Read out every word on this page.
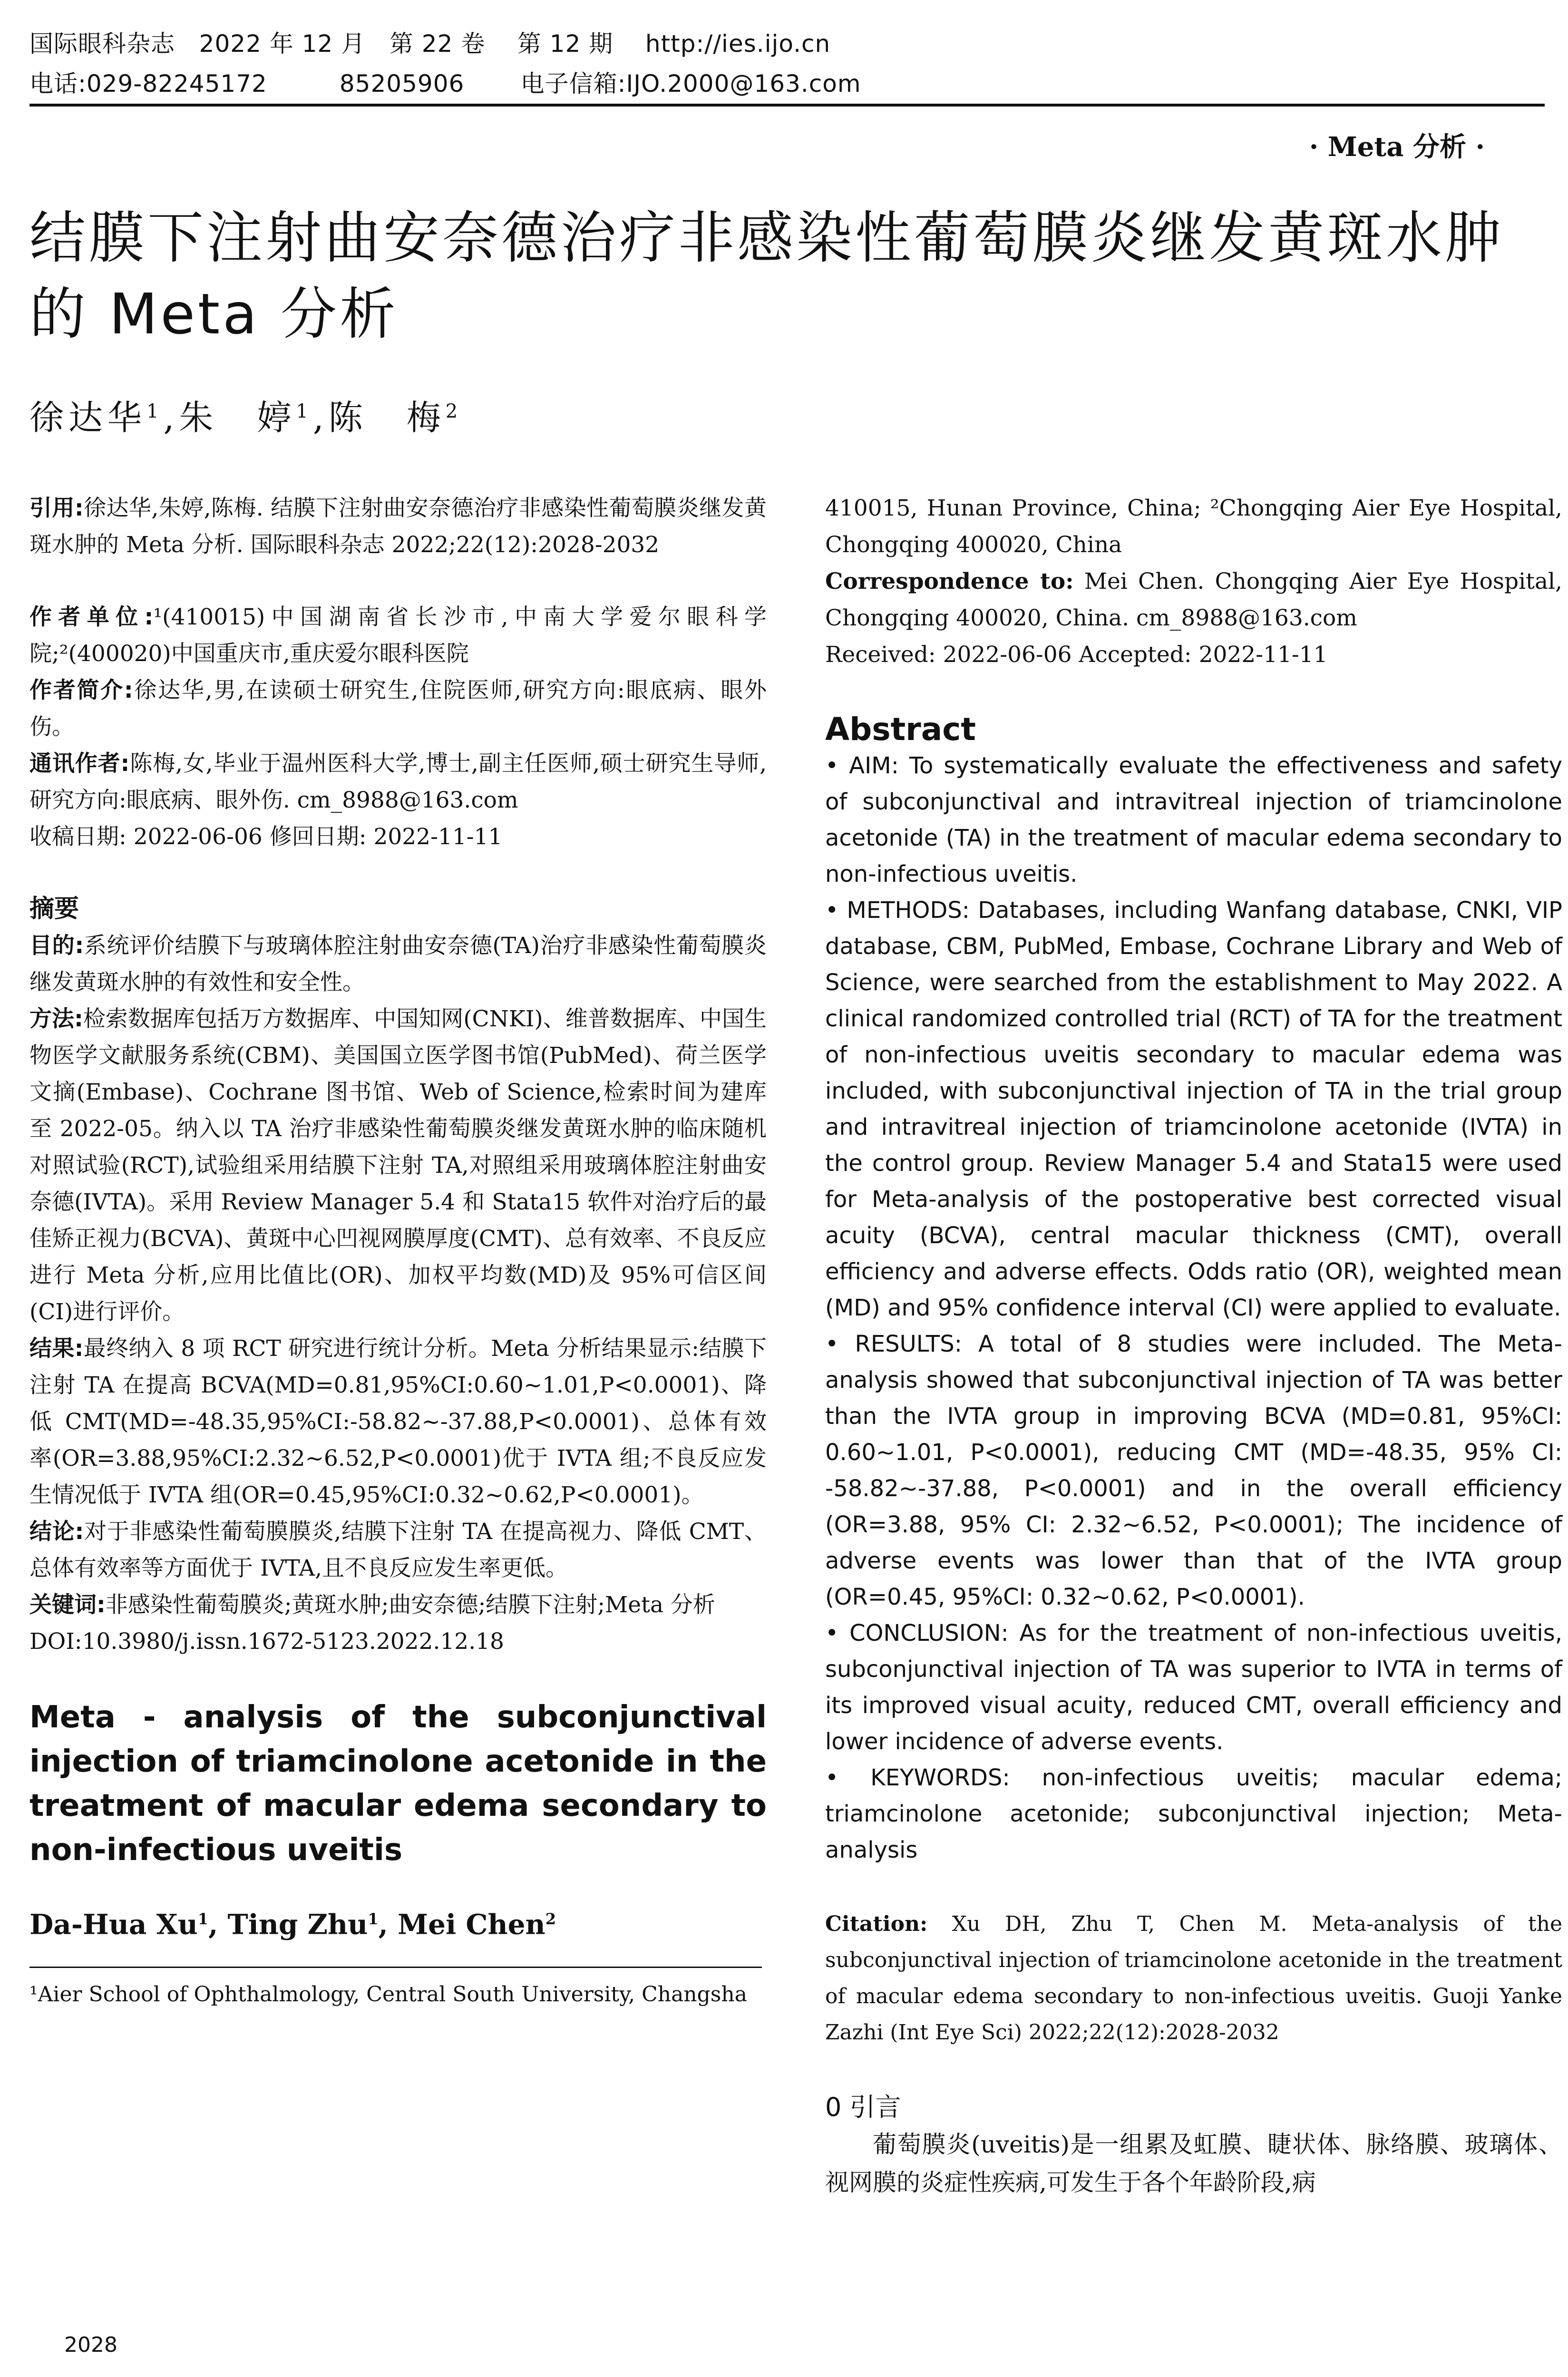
国际眼科杂志   2022 年 12 月   第 22 卷    第 12 期    http://ies.ijo.cn
电话:029-82245172         85205906       电子信箱:IJO.2000@163.com
· Meta 分析 ·
结膜下注射曲安奈德治疗非感染性葡萄膜炎继发黄斑水肿的 Meta 分析
徐达华$^1$,朱　婷$^1$,陈　梅$^2$

引用:徐达华,朱婷,陈梅. 结膜下注射曲安奈德治疗非感染性葡萄膜炎继发黄斑水肿的 Meta 分析. 国际眼科杂志 2022;22(12):2028-2032

作者单位:¹(410015)中国湖南省长沙市,中南大学爱尔眼科学院;²(400020)中国重庆市,重庆爱尔眼科医院

作者简介:徐达华,男,在读硕士研究生,住院医师,研究方向:眼底病、眼外伤。

通讯作者:陈梅,女,毕业于温州医科大学,博士,副主任医师,硕士研究生导师,研究方向:眼底病、眼外伤. cm_8988@163.com

收稿日期: 2022-06-06 修回日期: 2022-11-11

摘要

目的:系统评价结膜下与玻璃体腔注射曲安奈德(TA)治疗非感染性葡萄膜炎继发黄斑水肿的有效性和安全性。

方法:检索数据库包括万方数据库、中国知网(CNKI)、维普数据库、中国生物医学文献服务系统(CBM)、美国国立医学图书馆(PubMed)、荷兰医学文摘(Embase)、Cochrane 图书馆、Web of Science,检索时间为建库至 2022-05。纳入以 TA 治疗非感染性葡萄膜炎继发黄斑水肿的临床随机对照试验(RCT),试验组采用结膜下注射 TA,对照组采用玻璃体腔注射曲安奈德(IVTA)。采用 Review Manager 5.4 和 Stata15 软件对治疗后的最佳矫正视力(BCVA)、黄斑中心凹视网膜厚度(CMT)、总有效率、不良反应进行 Meta 分析,应用比值比(OR)、加权平均数(MD)及 95%可信区间(CI)进行评价。

结果:最终纳入 8 项 RCT 研究进行统计分析。Meta 分析结果显示:结膜下注射 TA 在提高 BCVA(MD=0.81,95%CI:0.60~1.01,P<0.0001)、降低 CMT(MD=-48.35,95%CI:-58.82~-37.88,P<0.0001)、总体有效率(OR=3.88,95%CI:2.32~6.52,P<0.0001)优于 IVTA 组;不良反应发生情况低于 IVTA 组(OR=0.45,95%CI:0.32~0.62,P<0.0001)。

结论:对于非感染性葡萄膜膜炎,结膜下注射 TA 在提高视力、降低 CMT、总体有效率等方面优于 IVTA,且不良反应发生率更低。

关键词:非感染性葡萄膜炎;黄斑水肿;曲安奈德;结膜下注射;Meta 分析

DOI:10.3980/j.issn.1672-5123.2022.12.18

Meta - analysis of the subconjunctival injection of triamcinolone acetonide in the treatment of macular edema secondary to non-infectious uveitis

Da-Hua Xu$^1$, Ting Zhu$^1$, Mei Chen$^2$

¹Aier School of Ophthalmology, Central South University, Changsha

410015, Hunan Province, China; ²Chongqing Aier Eye Hospital, Chongqing 400020, China

Correspondence to: Mei Chen. Chongqing Aier Eye Hospital, Chongqing 400020, China. cm_8988@163.com

Received: 2022-06-06 Accepted: 2022-11-11

Abstract

• AIM: To systematically evaluate the effectiveness and safety of subconjunctival and intravitreal injection of triamcinolone acetonide (TA) in the treatment of macular edema secondary to non-infectious uveitis.

• METHODS: Databases, including Wanfang database, CNKI, VIP database, CBM, PubMed, Embase, Cochrane Library and Web of Science, were searched from the establishment to May 2022. A clinical randomized controlled trial (RCT) of TA for the treatment of non-infectious uveitis secondary to macular edema was included, with subconjunctival injection of TA in the trial group and intravitreal injection of triamcinolone acetonide (IVTA) in the control group. Review Manager 5.4 and Stata15 were used for Meta-analysis of the postoperative best corrected visual acuity (BCVA), central macular thickness (CMT), overall efficiency and adverse effects. Odds ratio (OR), weighted mean (MD) and 95% confidence interval (CI) were applied to evaluate.

• RESULTS: A total of 8 studies were included. The Meta-analysis showed that subconjunctival injection of TA was better than the IVTA group in improving BCVA (MD=0.81, 95%CI: 0.60~1.01, P<0.0001), reducing CMT (MD=-48.35, 95% CI: -58.82~-37.88, P<0.0001) and in the overall efficiency (OR=3.88, 95% CI: 2.32~6.52, P<0.0001); The incidence of adverse events was lower than that of the IVTA group (OR=0.45, 95%CI: 0.32~0.62, P<0.0001).

• CONCLUSION: As for the treatment of non-infectious uveitis, subconjunctival injection of TA was superior to IVTA in terms of its improved visual acuity, reduced CMT, overall efficiency and lower incidence of adverse events.

• KEYWORDS: non-infectious uveitis; macular edema; triamcinolone acetonide; subconjunctival injection; Meta-analysis

Citation: Xu DH, Zhu T, Chen M. Meta-analysis of the subconjunctival injection of triamcinolone acetonide in the treatment of macular edema secondary to non-infectious uveitis. Guoji Yanke Zazhi (Int Eye Sci) 2022;22(12):2028-2032

0 引言

葡萄膜炎(uveitis)是一组累及虹膜、睫状体、脉络膜、玻璃体、视网膜的炎症性疾病,可发生于各个年龄阶段,病

2028
